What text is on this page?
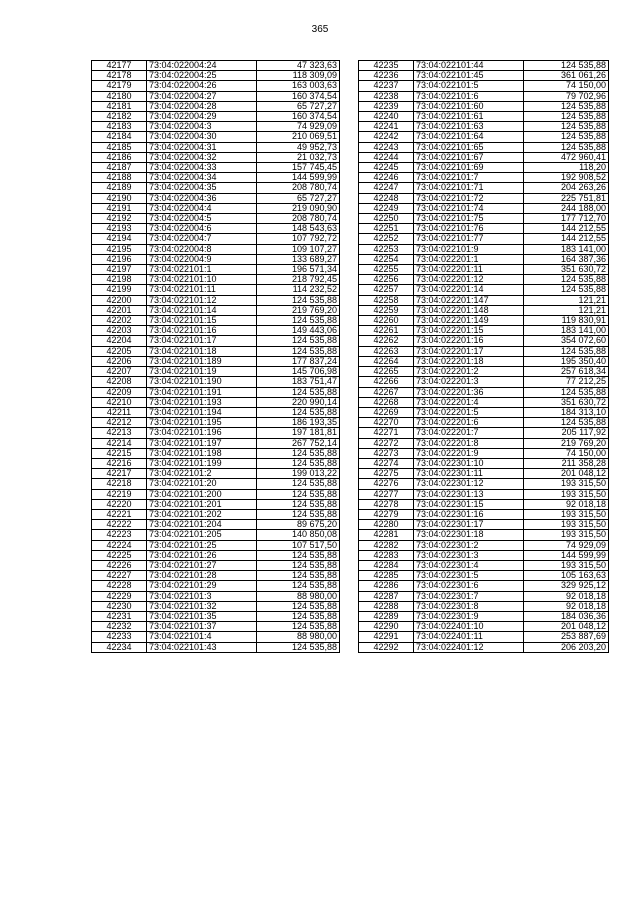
365
42177	73:04:022004:24	47 323,63
42178	73:04:022004:25	118 309,09
42179	73:04:022004:26	163 003,63
42180	73:04:022004:27	160 374,54
42181	73:04:022004:28	65 727,27
42182	73:04:022004:29	160 374,54
42183	73:04:022004:3	74 929,09
42184	73:04:022004:30	210 069,51
42185	73:04:022004:31	49 952,73
42186	73:04:022004:32	21 032,73
42187	73:04:022004:33	157 745,45
42188	73:04:022004:34	144 599,99
42189	73:04:022004:35	208 780,74
42190	73:04:022004:36	65 727,27
42191	73:04:022004:4	219 090,90
42192	73:04:022004:5	208 780,74
42193	73:04:022004:6	148 543,63
42194	73:04:022004:7	107 792,72
42195	73:04:022004:8	109 107,27
42196	73:04:022004:9	133 689,27
42197	73:04:022101:1	196 571,34
42198	73:04:022101:10	218 792,45
42199	73:04:022101:11	114 232,52
42200	73:04:022101:12	124 535,88
42201	73:04:022101:14	219 769,20
42202	73:04:022101:15	124 535,88
42203	73:04:022101:16	149 443,06
42204	73:04:022101:17	124 535,88
42205	73:04:022101:18	124 535,88
42206	73:04:022101:189	177 837,24
42207	73:04:022101:19	145 706,98
42208	73:04:022101:190	183 751,47
42209	73:04:022101:191	124 535,88
42210	73:04:022101:193	220 990,14
42211	73:04:022101:194	124 535,88
42212	73:04:022101:195	186 193,35
42213	73:04:022101:196	197 181,81
42214	73:04:022101:197	267 752,14
42215	73:04:022101:198	124 535,88
42216	73:04:022101:199	124 535,88
42217	73:04:022101:2	199 013,22
42218	73:04:022101:20	124 535,88
42219	73:04:022101:200	124 535,88
42220	73:04:022101:201	124 535,88
42221	73:04:022101:202	124 535,88
42222	73:04:022101:204	89 675,20
42223	73:04:022101:205	140 850,08
42224	73:04:022101:25	107 517,50
42225	73:04:022101:26	124 535,88
42226	73:04:022101:27	124 535,88
42227	73:04:022101:28	124 535,88
42228	73:04:022101:29	124 535,88
42229	73:04:022101:3	88 980,00
42230	73:04:022101:32	124 535,88
42231	73:04:022101:35	124 535,88
42232	73:04:022101:37	124 535,88
42233	73:04:022101:4	88 980,00
42234	73:04:022101:43	124 535,88
42235	73:04:022101:44	124 535,88
42236	73:04:022101:45	361 061,26
42237	73:04:022101:5	74 150,00
42238	73:04:022101:6	79 702,96
42239	73:04:022101:60	124 535,88
42240	73:04:022101:61	124 535,88
42241	73:04:022101:63	124 535,88
42242	73:04:022101:64	124 535,88
42243	73:04:022101:65	124 535,88
42244	73:04:022101:67	472 960,41
42245	73:04:022101:69	118,20
42246	73:04:022101:7	192 908,52
42247	73:04:022101:71	204 263,26
42248	73:04:022101:72	225 751,81
42249	73:04:022101:74	244 188,00
42250	73:04:022101:75	177 712,70
42251	73:04:022101:76	144 212,55
42252	73:04:022101:77	144 212,55
42253	73:04:022101:9	183 141,00
42254	73:04:022201:1	164 387,36
42255	73:04:022201:11	351 630,72
42256	73:04:022201:12	124 535,88
42257	73:04:022201:14	124 535,88
42258	73:04:022201:147	121,21
42259	73:04:022201:148	121,21
42260	73:04:022201:149	119 830,91
42261	73:04:022201:15	183 141,00
42262	73:04:022201:16	354 072,60
42263	73:04:022201:17	124 535,88
42264	73:04:022201:18	195 350,40
42265	73:04:022201:2	257 618,34
42266	73:04:022201:3	77 212,25
42267	73:04:022201:36	124 535,88
42268	73:04:022201:4	351 630,72
42269	73:04:022201:5	184 313,10
42270	73:04:022201:6	124 535,88
42271	73:04:022201:7	205 117,92
42272	73:04:022201:8	219 769,20
42273	73:04:022201:9	74 150,00
42274	73:04:022301:10	211 358,28
42275	73:04:022301:11	201 048,12
42276	73:04:022301:12	193 315,50
42277	73:04:022301:13	193 315,50
42278	73:04:022301:15	92 018,18
42279	73:04:022301:16	193 315,50
42280	73:04:022301:17	193 315,50
42281	73:04:022301:18	193 315,50
42282	73:04:022301:2	74 929,09
42283	73:04:022301:3	144 599,99
42284	73:04:022301:4	193 315,50
42285	73:04:022301:5	105 163,63
42286	73:04:022301:6	329 925,12
42287	73:04:022301:7	92 018,18
42288	73:04:022301:8	92 018,18
42289	73:04:022301:9	184 036,36
42290	73:04:022401:10	201 048,12
42291	73:04:022401:11	253 887,69
42292	73:04:022401:12	206 203,20
